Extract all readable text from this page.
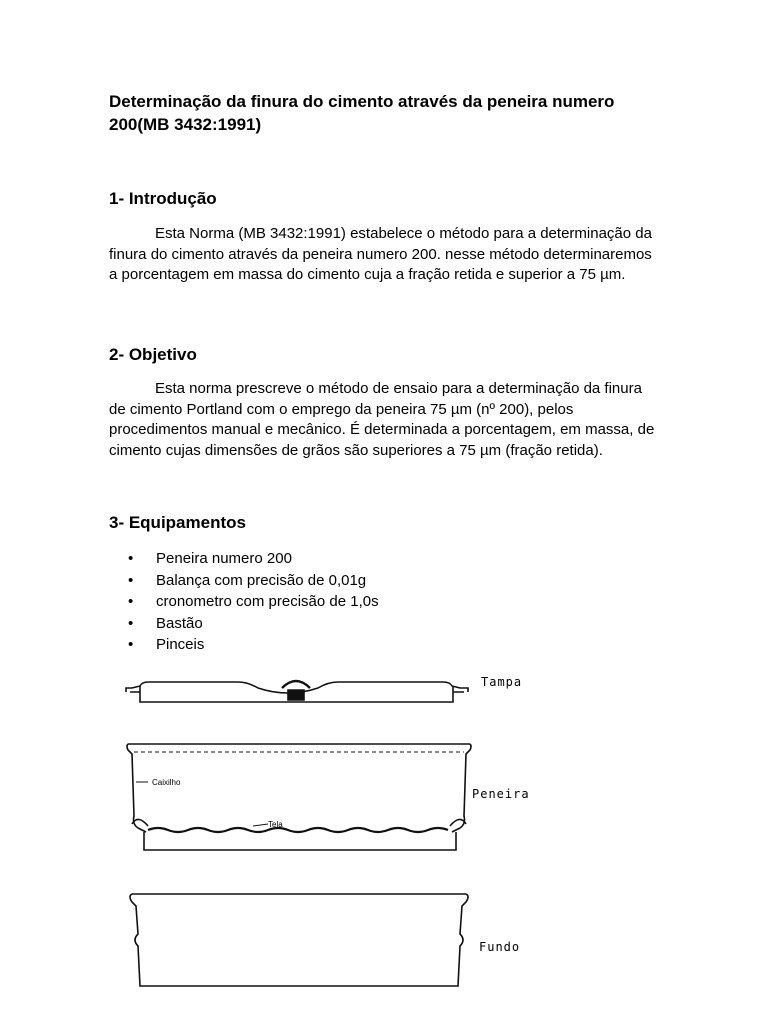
Determinação da finura do cimento através da peneira numero 200(MB 3432:1991)
1- Introdução

Esta Norma (MB 3432:1991) estabelece o método para a determinação da finura do cimento através da peneira numero 200. nesse método determinaremos a porcentagem em massa do cimento cuja a fração retida e superior a 75 µm.

2- Objetivo

Esta norma prescreve o método de ensaio para a determinação da finura de cimento Portland com o emprego da peneira 75 µm (nº 200), pelos procedimentos manual e mecânico. É determinada a porcentagem, em massa, de cimento cujas dimensões de grãos são superiores a 75 µm (fração retida).

3- Equipamentos
• Peneira numero 200
• Balança com precisão de 0,01g
• cronometro com precisão de 1,0s
• Bastão
• Pinceis
Tampa
Peneira
Fundo
Caixilho
Tela
